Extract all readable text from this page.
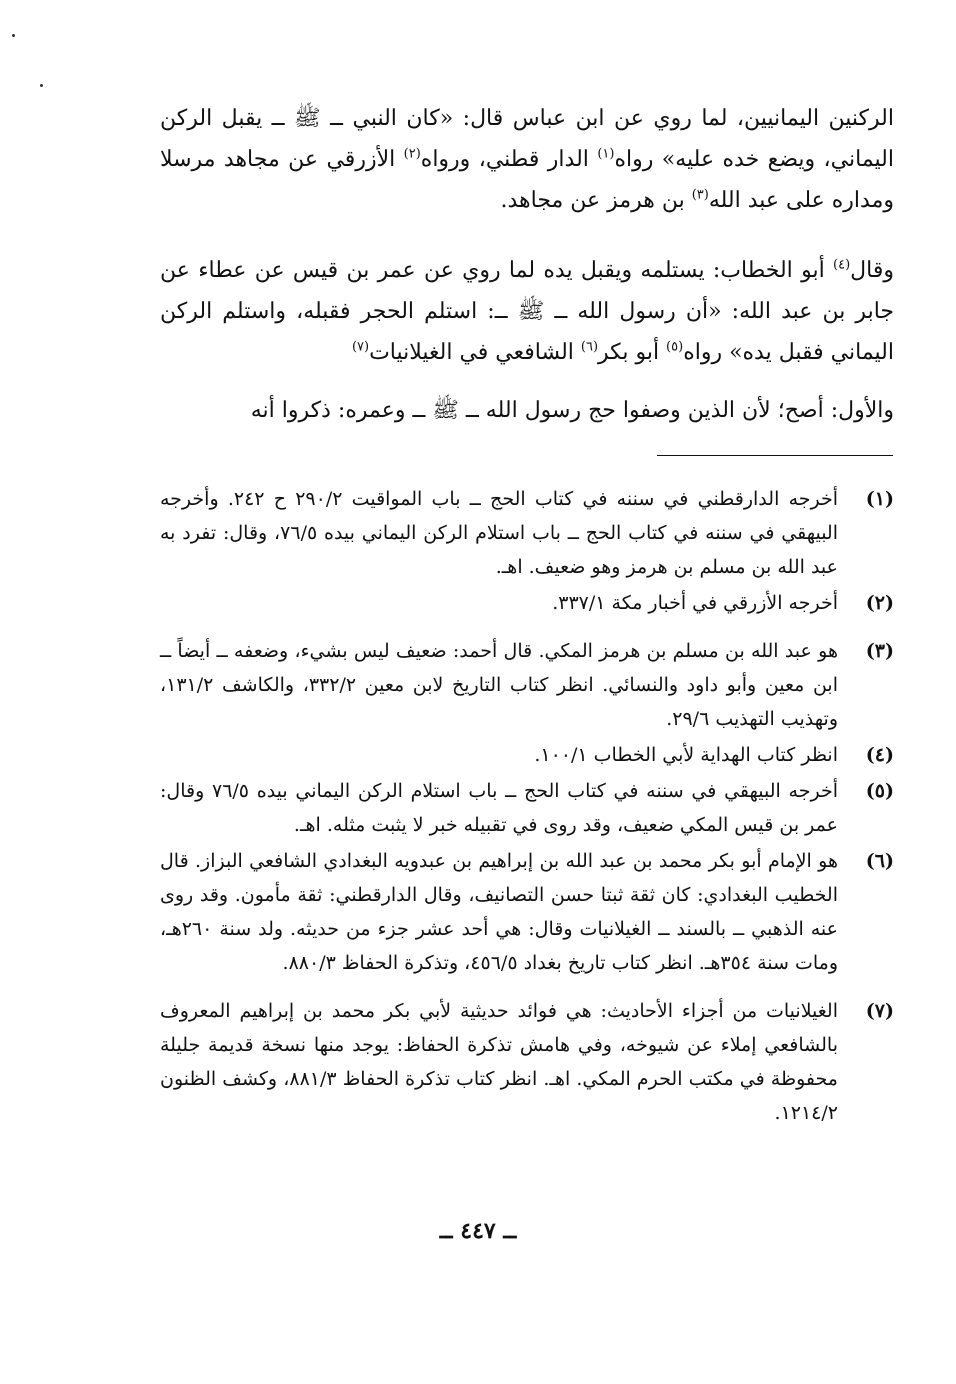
الركنين اليمانيين، لما روي عن ابن عباس قال: «كان النبي ــ ﷺ ــ يقبل الركن اليماني، ويضع خده عليه» رواه$^{(١)}$ الدار قطني، ورواه$^{(٢)}$ الأزرقي عن مجاهد مرسلا ومداره على عبد الله$^{(٣)}$ بن هرمز عن مجاهد.

وقال$^{(٤)}$ أبو الخطاب: يستلمه ويقبل يده لما روي عن عمر بن قيس عن عطاء عن جابر بن عبد الله: «أن رسول الله ــ ﷺ ــ: استلم الحجر فقبله، واستلم الركن اليماني فقبل يده» رواه$^{(٥)}$ أبو بكر$^{(٦)}$ الشافعي في الغيلانيات$^{(٧)}$

والأول: أصح؛ لأن الذين وصفوا حج رسول الله ــ ﷺ ــ وعمره: ذكروا أنه

(١)
أخرجه الدارقطني في سننه في كتاب الحج ــ باب المواقيت ٢٩٠/٢ ح ٢٤٢. وأخرجه البيهقي في سننه في كتاب الحج ــ باب استلام الركن اليماني بيده ٧٦/٥، وقال: تفرد به عبد الله بن مسلم بن هرمز وهو ضعيف. اهـ.
(٢)
أخرجه الأزرقي في أخبار مكة ٣٣٧/١.
(٣)
هو عبد الله بن مسلم بن هرمز المكي. قال أحمد: ضعيف ليس بشيء، وضعفه ــ أيضاً ــ ابن معين وأبو داود والنسائي. انظر كتاب التاريخ لابن معين ٣٣٢/٢، والكاشف ١٣١/٢، وتهذيب التهذيب ٢٩/٦.
(٤)
انظر كتاب الهداية لأبي الخطاب ١٠٠/١.
(٥)
أخرجه البيهقي في سننه في كتاب الحج ــ باب استلام الركن اليماني بيده ٧٦/٥ وقال: عمر بن قيس المكي ضعيف، وقد روى في تقبيله خبر لا يثبت مثله. اهـ.
(٦)
هو الإمام أبو بكر محمد بن عبد الله بن إبراهيم بن عبدويه البغدادي الشافعي البزاز. قال الخطيب البغدادي: كان ثقة ثبتا حسن التصانيف، وقال الدارقطني: ثقة مأمون. وقد روى عنه الذهبي ــ بالسند ــ الغيلانيات وقال: هي أحد عشر جزء من حديثه. ولد سنة ٢٦٠هـ، ومات سنة ٣٥٤هـ. انظر كتاب تاريخ بغداد ٤٥٦/٥، وتذكرة الحفاظ ٨٨٠/٣.
(٧)
الغيلانيات من أجزاء الأحاديث: هي فوائد حديثية لأبي بكر محمد بن إبراهيم المعروف بالشافعي إملاء عن شيوخه، وفي هامش تذكرة الحفاظ: يوجد منها نسخة قديمة جليلة محفوظة في مكتب الحرم المكي. اهـ. انظر كتاب تذكرة الحفاظ ٨٨١/٣، وكشف الظنون ١٢١٤/٢.
ــ ٤٤٧ ــ
